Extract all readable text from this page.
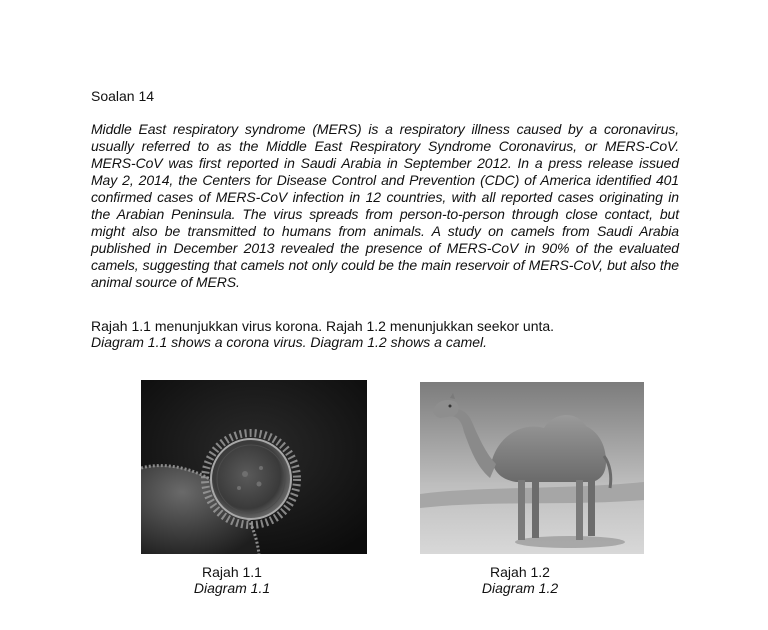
Soalan 14

Middle East respiratory syndrome (MERS) is a respiratory illness caused by a coronavirus, usually referred to as the Middle East Respiratory Syndrome Coronavirus, or MERS-CoV. MERS-CoV was first reported in Saudi Arabia in September 2012. In a press release issued May 2, 2014, the Centers for Disease Control and Prevention (CDC) of America identified 401 confirmed cases of MERS-CoV infection in 12 countries, with all reported cases originating in the Arabian Peninsula. The virus spreads from person-to-person through close contact, but might also be transmitted to humans from animals. A study on camels from Saudi Arabia published in December 2013 revealed the presence of MERS-CoV in 90% of the evaluated camels, suggesting that camels not only could be the main reservoir of MERS-CoV, but also the animal source of MERS.

Rajah 1.1 menunjukkan virus korona. Rajah 1.2 menunjukkan seekor unta.

Diagram 1.1 shows a corona virus. Diagram 1.2 shows a camel.

Rajah 1.1
Diagram 1.1
Rajah 1.2
Diagram 1.2
